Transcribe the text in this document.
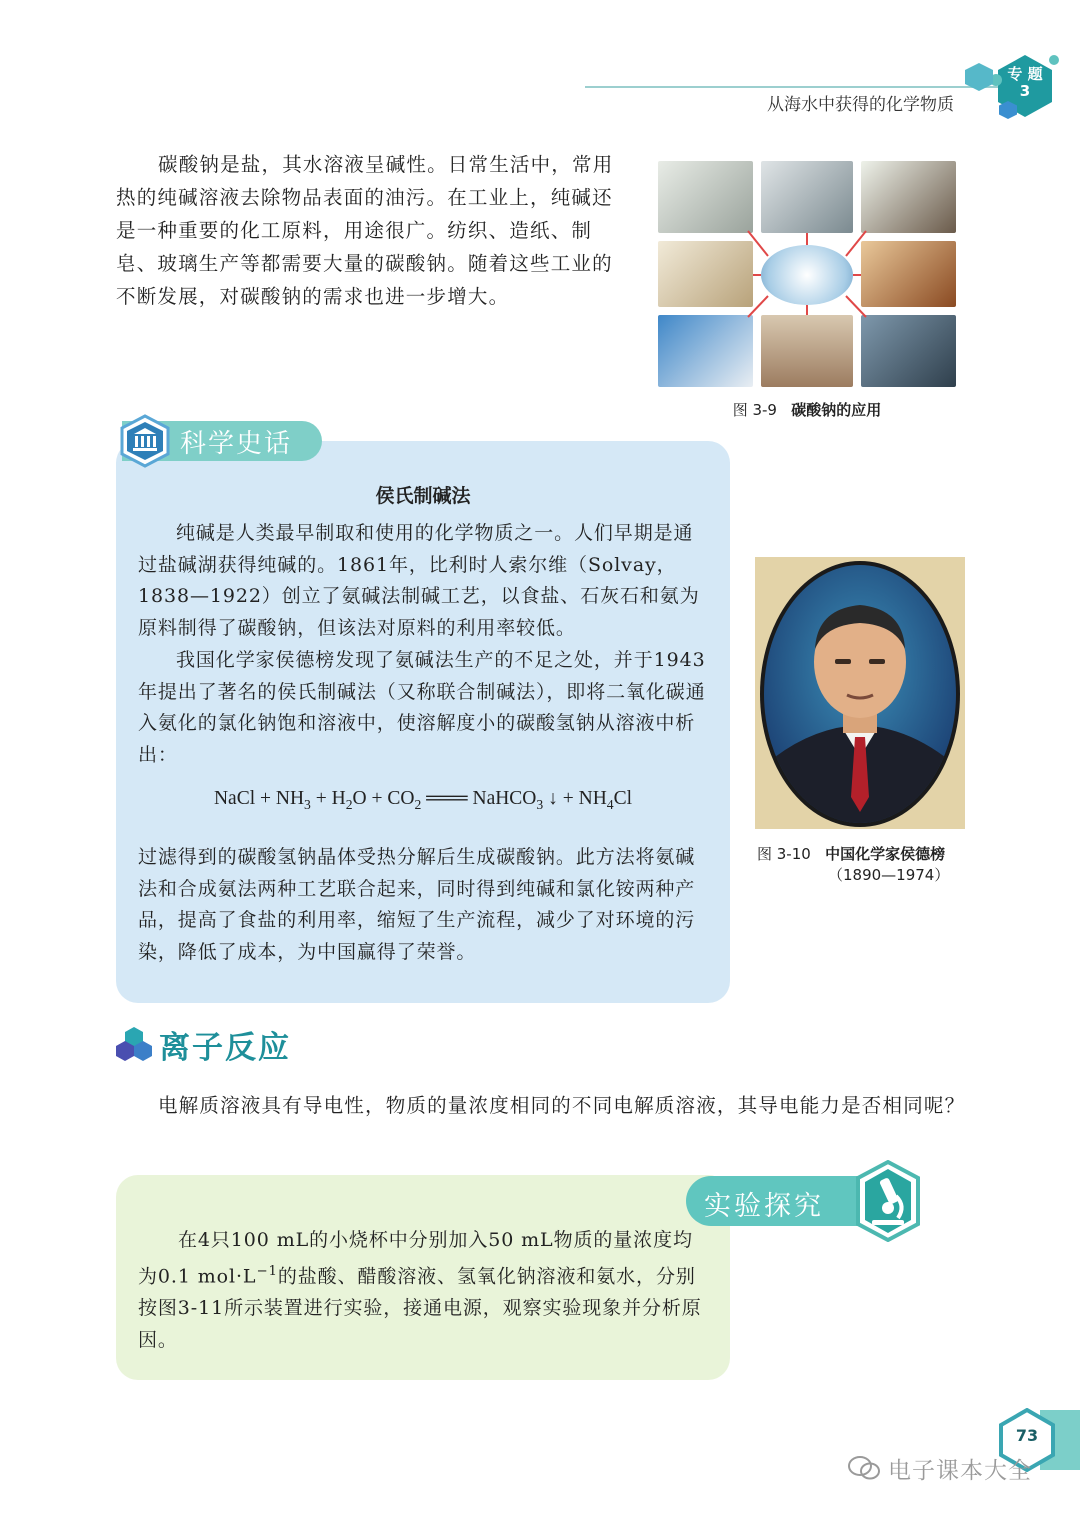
从海水中获得的化学物质
专 题
3
碳酸钠是盐，其水溶液呈碱性。日常生活中，常用热的纯碱溶液去除物品表面的油污。在工业上，纯碱还是一种重要的化工原料，用途很广。纺织、造纸、制皂、玻璃生产等都需要大量的碳酸钠。随着这些工业的不断发展，对碳酸钠的需求也进一步增大。
图 3-9 碳酸钠的应用
科学史话
侯氏制碱法
纯碱是人类最早制取和使用的化学物质之一。人们早期是通过盐碱湖获得纯碱的。1861年，比利时人索尔维（Solvay，1838—1922）创立了氨碱法制碱工艺，以食盐、石灰石和氨为原料制得了碳酸钠，但该法对原料的利用率较低。
我国化学家侯德榜发现了氨碱法生产的不足之处，并于1943年提出了著名的侯氏制碱法（又称联合制碱法），即将二氧化碳通入氨化的氯化钠饱和溶液中，使溶解度小的碳酸氢钠从溶液中析出：
NaCl + $NH_3 + H_2O + CO_2$ ═══ NaHCO$_3$ ↓ + $NH_4Cl$
过滤得到的碳酸氢钠晶体受热分解后生成碳酸钠。此方法将氨碱法和合成氨法两种工艺联合起来，同时得到纯碱和氯化铵两种产品，提高了食盐的利用率，缩短了生产流程，减少了对环境的污染，降低了成本，为中国赢得了荣誉。
图 3-10 中国化学家侯德榜
（1890—1974）
离子反应
电解质溶液具有导电性，物质的量浓度相同的不同电解质溶液，其导电能力是否相同呢？
实验探究
在4只100 mL的小烧杯中分别加入50 mL物质的量浓度均为0.1 $mol\cdot L^{-1}$的盐酸、醋酸溶液、氢氧化钠溶液和氨水，分别按图3-11所示装置进行实验，接通电源，观察实验现象并分析原因。
73
电子课本大全
